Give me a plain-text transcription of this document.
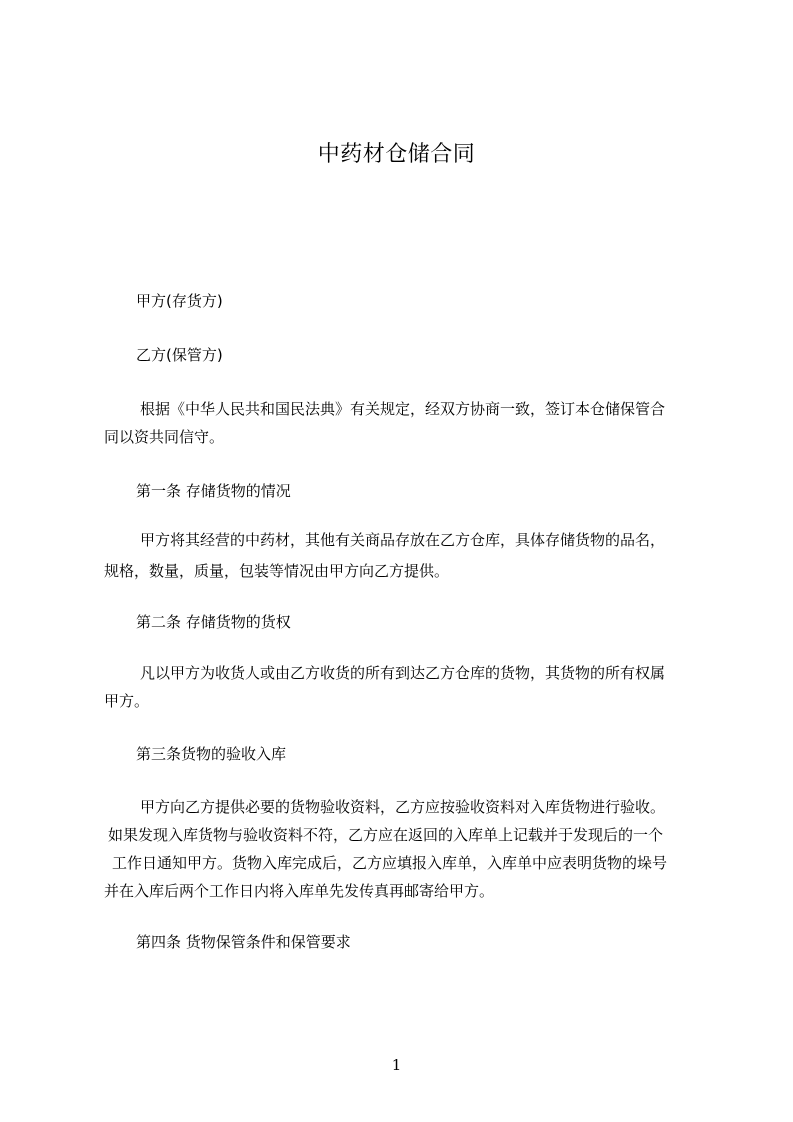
中药材仓储合同
甲方(存货方)
乙方(保管方)
根据《中华人民共和国民法典》有关规定，经双方协商一致，签订本仓储保管合
同以资共同信守。
第一条 存储货物的情况
甲方将其经营的中药材，其他有关商品存放在乙方仓库，具体存储货物的品名，
规格，数量，质量，包装等情况由甲方向乙方提供。
第二条 存储货物的货权
凡以甲方为收货人或由乙方收货的所有到达乙方仓库的货物，其货物的所有权属
甲方。
第三条货物的验收入库
甲方向乙方提供必要的货物验收资料，乙方应按验收资料对入库货物进行验收。
如果发现入库货物与验收资料不符，乙方应在返回的入库单上记载并于发现后的一个
工作日通知甲方。货物入库完成后，乙方应填报入库单，入库单中应表明货物的垛号
并在入库后两个工作日内将入库单先发传真再邮寄给甲方。
第四条 货物保管条件和保管要求
1
